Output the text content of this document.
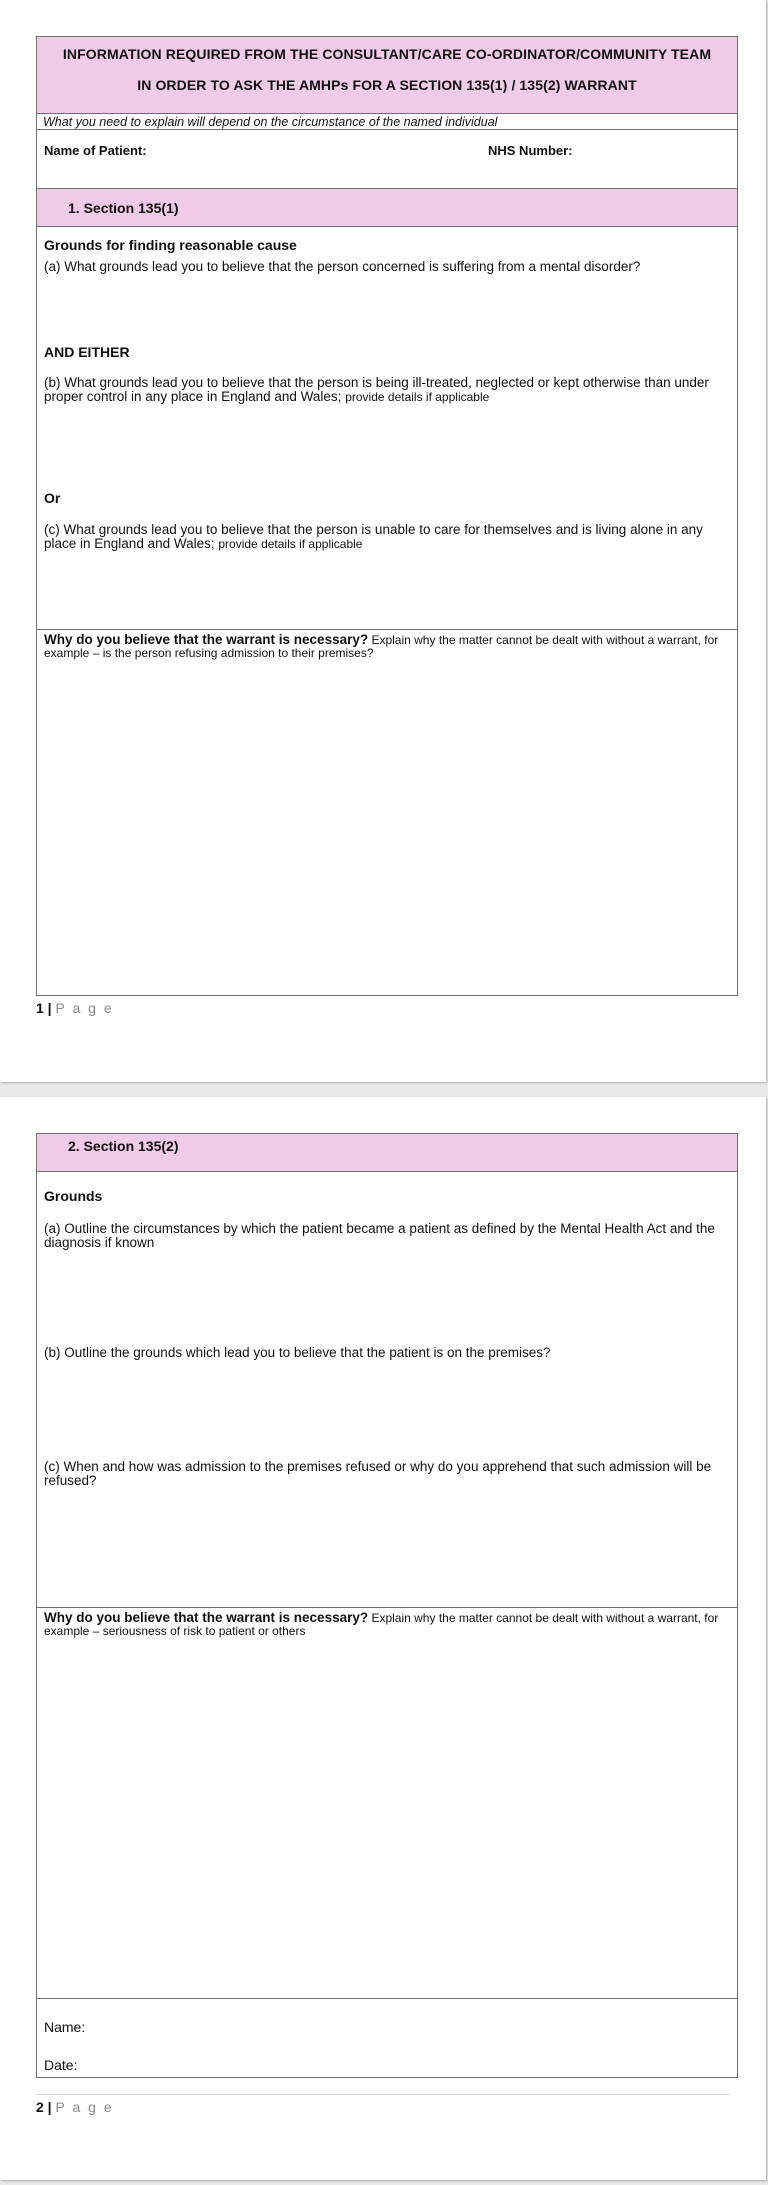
INFORMATION REQUIRED FROM THE CONSULTANT/CARE CO-ORDINATOR/COMMUNITY TEAM
IN ORDER TO ASK THE AMHPs FOR A SECTION 135(1) / 135(2) WARRANT
What you need to explain will depend on the circumstance of the named individual
Name of Patient:	NHS Number:
1. Section 135(1)
Grounds for finding reasonable cause
(a) What grounds lead you to believe that the person concerned is suffering from a mental disorder?
AND EITHER
(b) What grounds lead you to believe that the person is being ill-treated, neglected or kept otherwise than under proper control in any place in England and Wales; provide details if applicable
Or
(c) What grounds lead you to believe that the person is unable to care for themselves and is living alone in any place in England and Wales; provide details if applicable
Why do you believe that the warrant is necessary? Explain why the matter cannot be dealt with without a warrant, for example – is the person refusing admission to their premises?
1 | P a g e
2. Section 135(2)
Grounds
(a) Outline the circumstances by which the patient became a patient as defined by the Mental Health Act and the diagnosis if known
(b) Outline the grounds which lead you to believe that the patient is on the premises?
(c) When and how was admission to the premises refused or why do you apprehend that such admission will be refused?
Why do you believe that the warrant is necessary? Explain why the matter cannot be dealt with without a warrant, for example – seriousness of risk to patient or others
Name:
Date:
2 | P a g e
